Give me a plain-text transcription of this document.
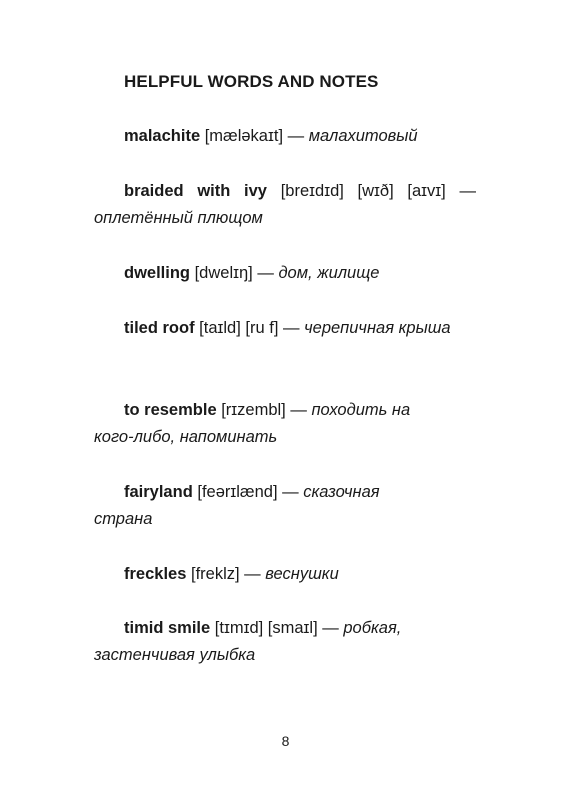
HELPFUL WORDS AND NOTES
malachite [mæləkaɪt] — малахитовый
braided with ivy [breɪdɪd] [wɪð] [aɪvɪ] — оплетённый плющом
dwelling [dwelɪŋ] — дом, жилище
tiled roof [taɪld] [ru f] — черепичная крыша
to resemble [rɪzembl] — походить на кого-либо, напоминать
fairyland [feərɪlænd] — сказочная страна
freckles [freklz] — веснушки
timid smile [tɪmɪd] [smaɪl] — робкая, застенчивая улыбка
8
